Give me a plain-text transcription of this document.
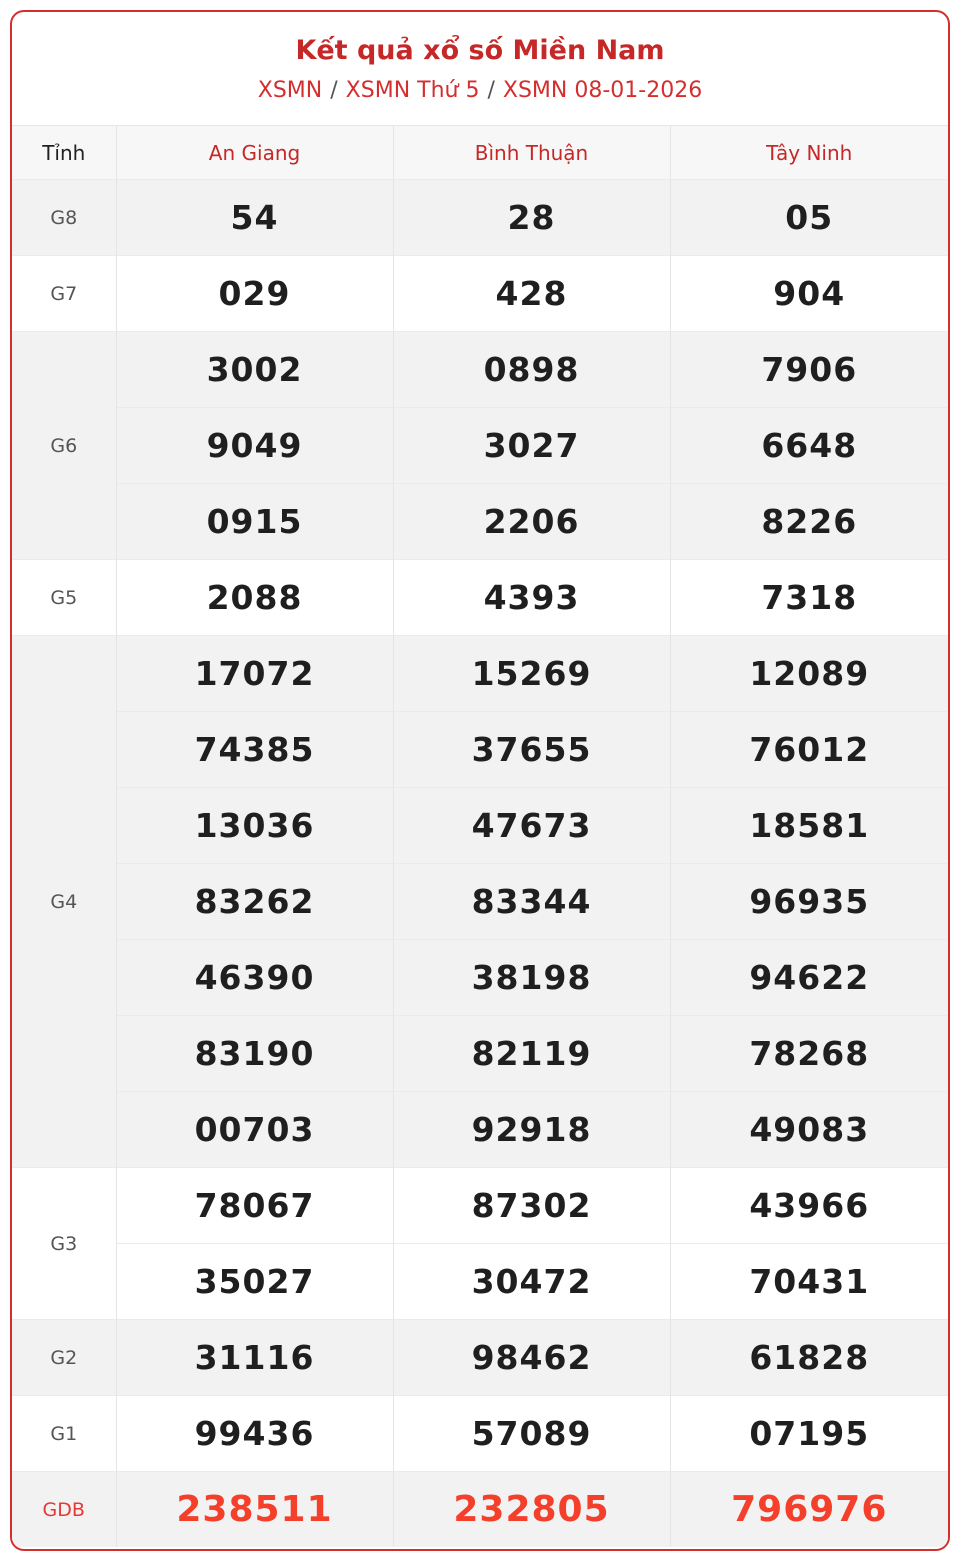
Kết quả xổ số Miền Nam
XSMN / XSMN Thứ 5 / XSMN 08-01-2026
Tỉnh	An Giang	Bình Thuận	Tây Ninh
G8	54	28	05
G7	029	428	904
G6	3002	0898	7906
	9049	3027	6648
	0915	2206	8226
G5	2088	4393	7318
G4	17072	15269	12089
	74385	37655	76012
	13036	47673	18581
	83262	83344	96935
	46390	38198	94622
	83190	82119	78268
	00703	92918	49083
G3	78067	87302	43966
	35027	30472	70431
G2	31116	98462	61828
G1	99436	57089	07195
GDB	238511	232805	796976
